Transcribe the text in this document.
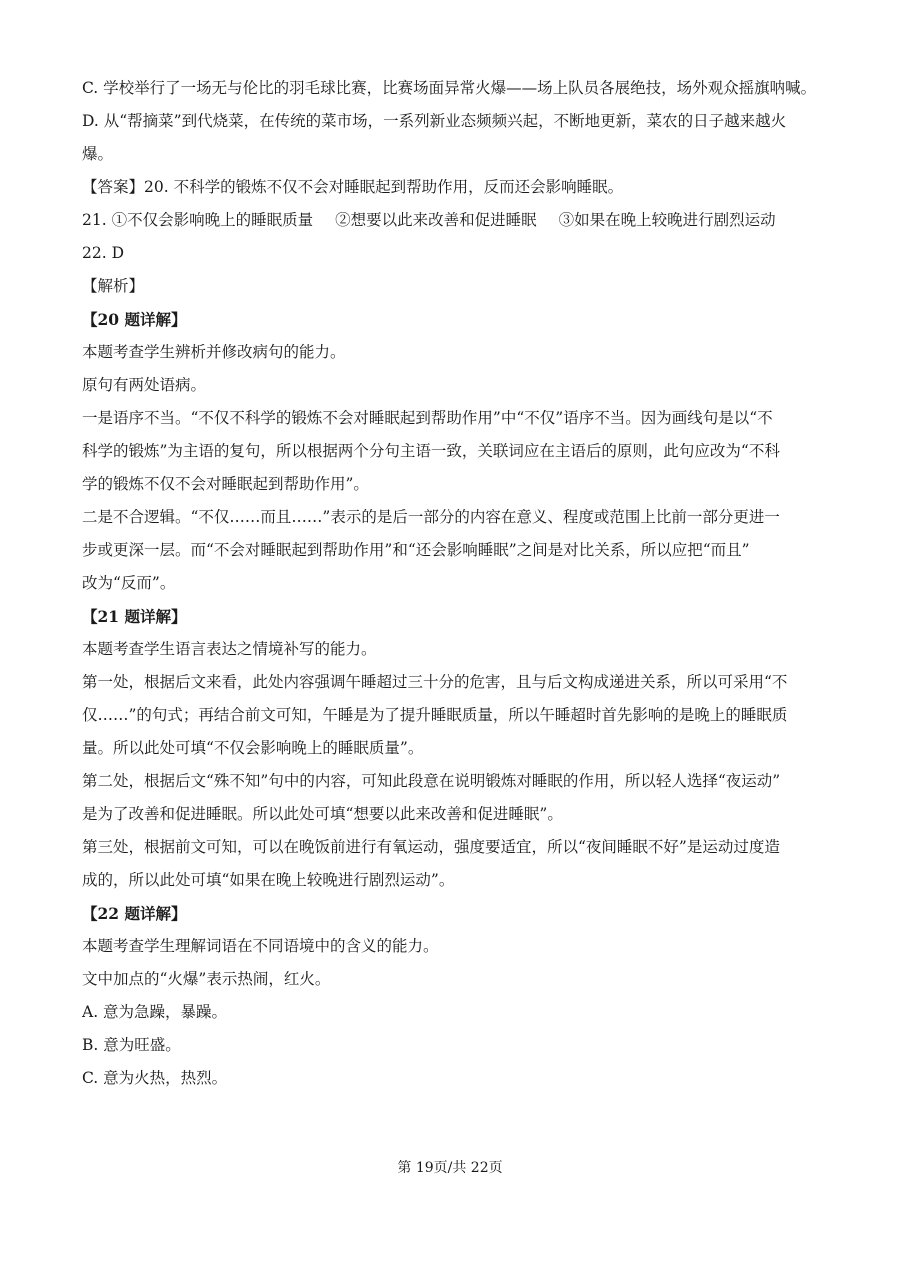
C. 学校举行了一场无与伦比的羽毛球比赛，比赛场面异常火爆——场上队员各展绝技，场外观众摇旗呐喊。
D. 从“帮摘菜”到代烧菜，在传统的菜市场，一系列新业态频频兴起，不断地更新，菜农的日子越来越火
爆。
【答案】20. 不科学的锻炼不仅不会对睡眠起到帮助作用，反而还会影响睡眠。
21. ①不仅会影响晚上的睡眠质量 ②想要以此来改善和促进睡眠 ③如果在晚上较晚进行剧烈运动
22. D
【解析】
【20 题详解】
本题考查学生辨析并修改病句的能力。
原句有两处语病。
一是语序不当。“不仅不科学的锻炼不会对睡眠起到帮助作用”中“不仅”语序不当。因为画线句是以“不
科学的锻炼”为主语的复句，所以根据两个分句主语一致，关联词应在主语后的原则，此句应改为“不科
学的锻炼不仅不会对睡眠起到帮助作用”。
二是不合逻辑。“不仅……而且……”表示的是后一部分的内容在意义、程度或范围上比前一部分更进一
步或更深一层。而“不会对睡眠起到帮助作用”和“还会影响睡眠”之间是对比关系，所以应把“而且”
改为“反而”。
【21 题详解】
本题考查学生语言表达之情境补写的能力。
第一处，根据后文来看，此处内容强调午睡超过三十分的危害，且与后文构成递进关系，所以可采用“不
仅……”的句式；再结合前文可知，午睡是为了提升睡眠质量，所以午睡超时首先影响的是晚上的睡眠质
量。所以此处可填“不仅会影响晚上的睡眠质量”。
第二处，根据后文“殊不知”句中的内容，可知此段意在说明锻炼对睡眠的作用，所以轻人选择“夜运动”
是为了改善和促进睡眠。所以此处可填“想要以此来改善和促进睡眠”。
第三处，根据前文可知，可以在晚饭前进行有氧运动，强度要适宜，所以“夜间睡眠不好”是运动过度造
成的，所以此处可填“如果在晚上较晚进行剧烈运动”。
【22 题详解】
本题考查学生理解词语在不同语境中的含义的能力。
文中加点的“火爆”表示热闹，红火。
A. 意为急躁，暴躁。
B. 意为旺盛。
C. 意为火热，热烈。
第 19页/共 22页
